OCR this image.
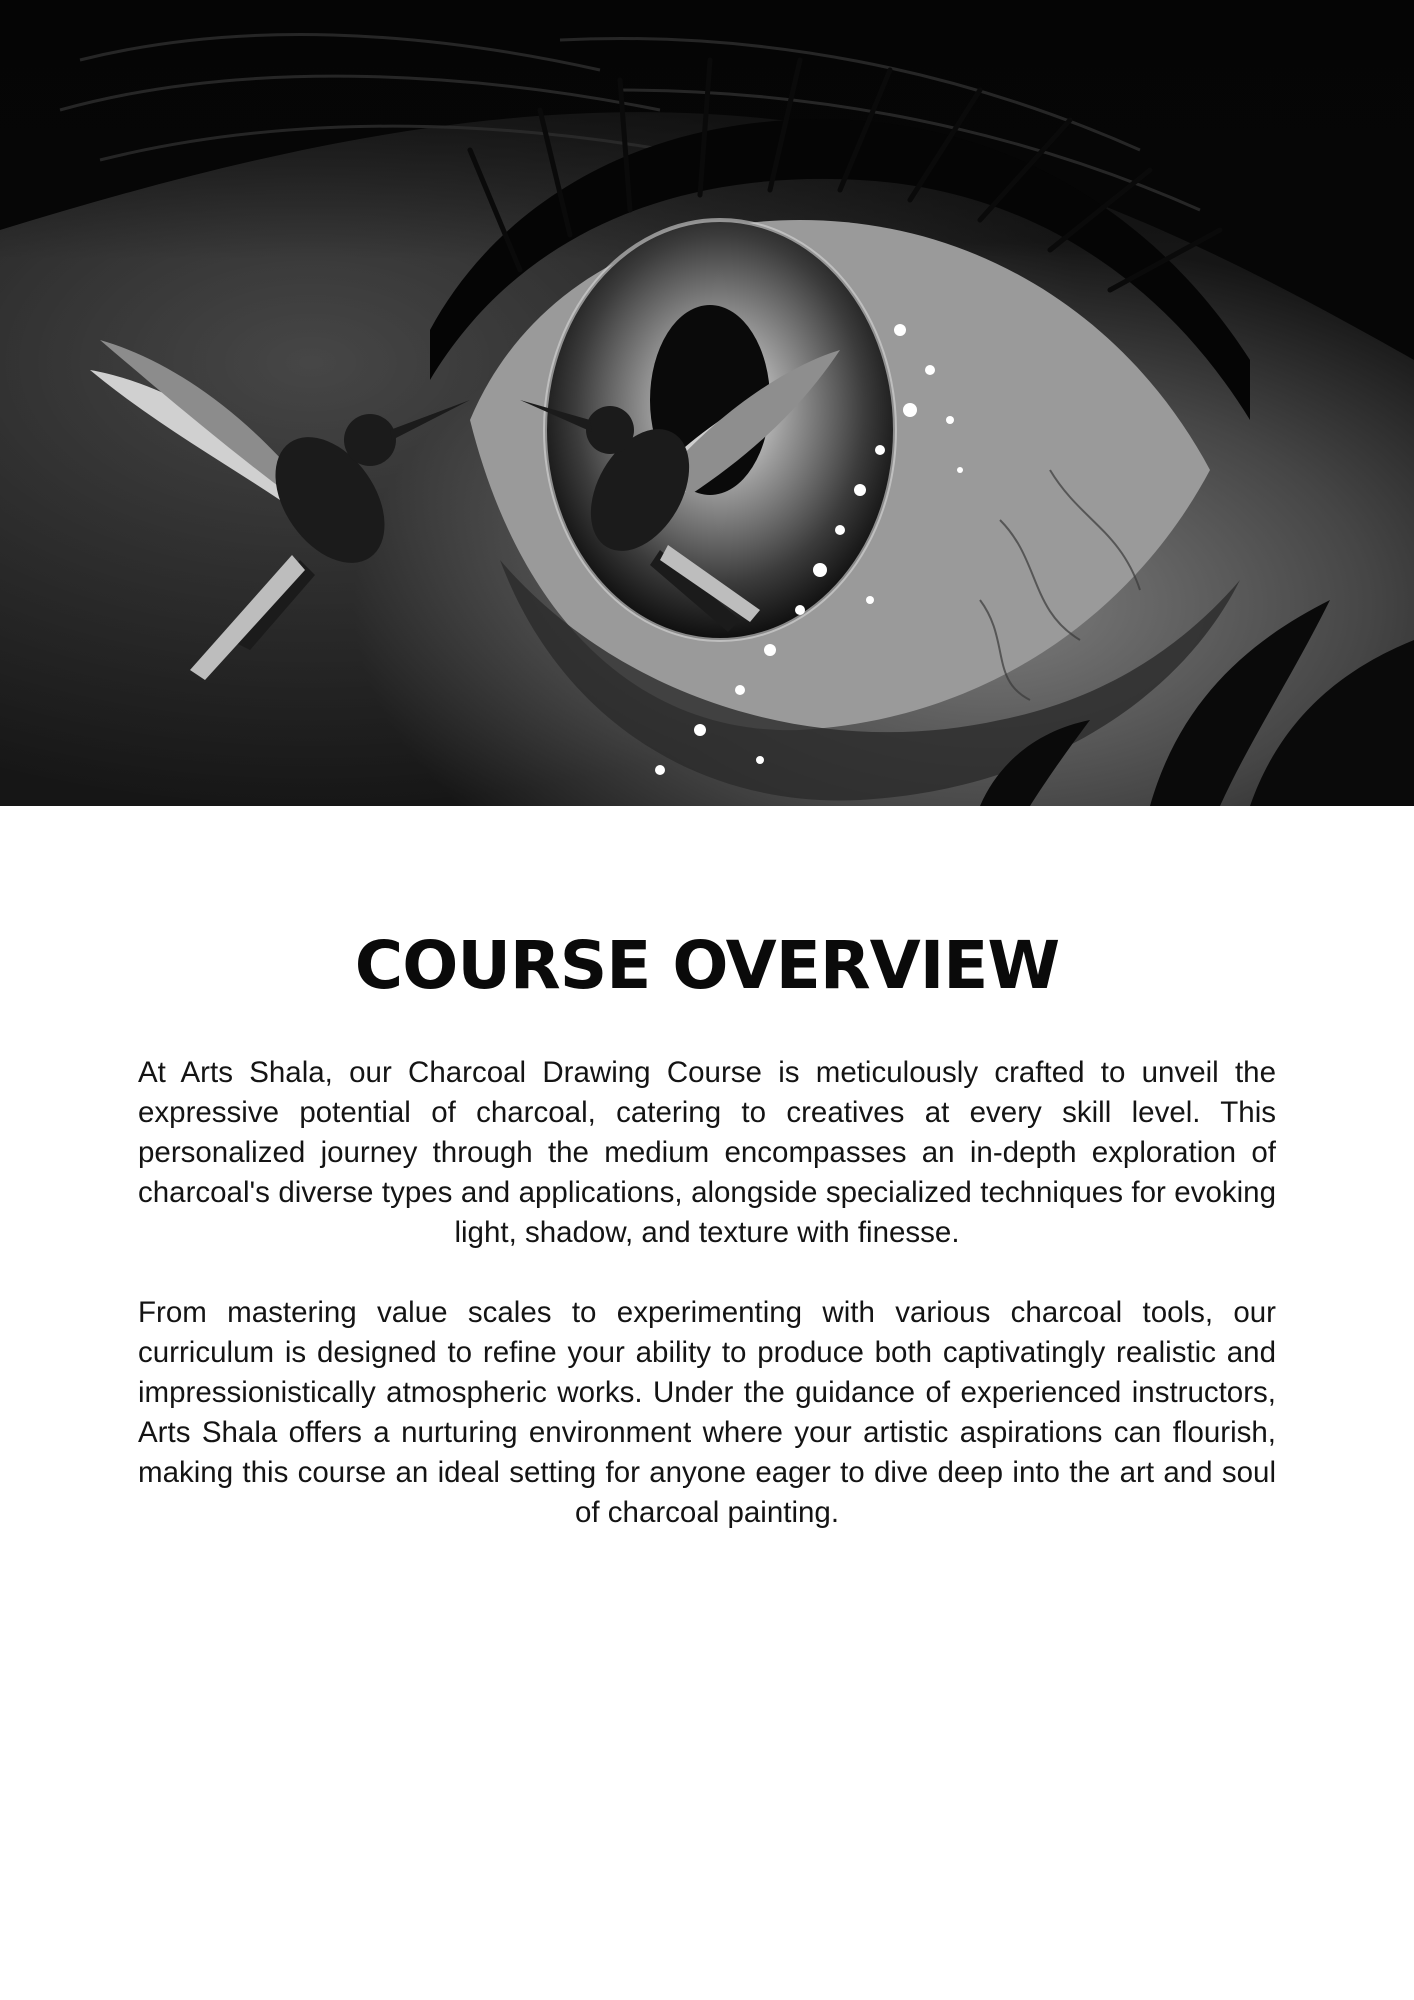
COURSE OVERVIEW

At Arts Shala, our Charcoal Drawing Course is meticulously crafted to unveil the expressive potential of charcoal, catering to creatives at every skill level. This personalized journey through the medium encompasses an in-depth exploration of charcoal's diverse types and applications, alongside specialized techniques for evoking light, shadow, and texture with finesse.

From mastering value scales to experimenting with various charcoal tools, our curriculum is designed to refine your ability to produce both captivatingly realistic and impressionistically atmospheric works. Under the guidance of experienced instructors, Arts Shala offers a nurturing environment where your artistic aspirations can flourish, making this course an ideal setting for anyone eager to dive deep into the art and soul of charcoal painting.
